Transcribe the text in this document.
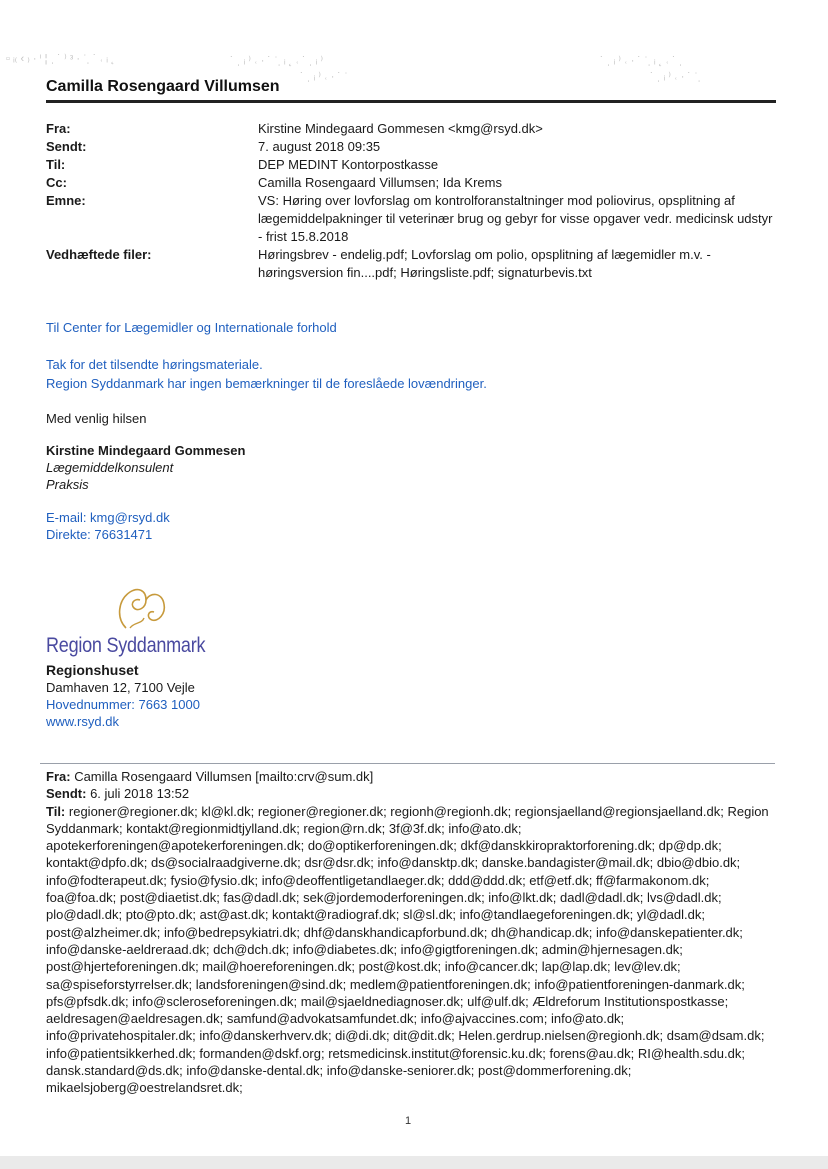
▫ ᵢ₍ ‹ ₎ · ⁱ ¦ ˌ ˙ ⁾ ᵌ · ͘ ˌ ˙ ˓ ᵢ ˛	˙ ˌ ᵢ ⁾ ˓ · ˙ ͘ ˌ ᵢ ˛ ˓ ˙ ˌ ᵢ ⁾	˙ ˌ ᵢ ⁾ ˓ · ˙ ͘ ˌ ᵢ ˛ ˓ ˙ ˌ
˙ ˌ ᵢ ⁾ ˓ · ˙ ͘	˙ ˌ ᵢ ⁾ ˓ · ˙ ͘ ˌ
Camilla Rosengaard Villumsen
Fra:	Kirstine Mindegaard Gommesen <kmg@rsyd.dk>
Sendt:	7. august 2018 09:35
Til:	DEP MEDINT Kontorpostkasse
Cc:	Camilla Rosengaard Villumsen; Ida Krems
Emne:	VS: Høring over lovforslag om kontrolforanstaltninger mod poliovirus, opsplitning af lægemiddelpakninger til veterinær brug og gebyr for visse opgaver vedr. medicinsk udstyr - frist 15.8.2018
Vedhæftede filer:	Høringsbrev - endelig.pdf; Lovforslag om polio, opsplitning af lægemidler m.v. - høringsversion fin....pdf; Høringsliste.pdf; signaturbevis.txt
Til Center for Lægemidler og Internationale forhold
Tak for det tilsendte høringsmateriale.
Region Syddanmark har ingen bemærkninger til de foreslåede lovændringer.
Med venlig hilsen
Kirstine Mindegaard Gommesen
Lægemiddelkonsulent
Praksis
E-mail: kmg@rsyd.dk
Direkte: 76631471
Region Syddanmark
Regionshuset
Damhaven 12, 7100 Vejle
Hovednummer: 7663 1000
www.rsyd.dk
Fra: Camilla Rosengaard Villumsen [mailto:crv@sum.dk]
Sendt: 6. juli 2018 13:52
Til: regioner@regioner.dk; kl@kl.dk; regioner@regioner.dk; regionh@regionh.dk; regionsjaelland@regionsjaelland.dk; Region Syddanmark; kontakt@regionmidtjylland.dk; region@rn.dk; 3f@3f.dk; info@ato.dk; apotekerforeningen@apotekerforeningen.dk; do@optikerforeningen.dk; dkf@danskkiropraktorforening.dk; dp@dp.dk; kontakt@dpfo.dk; ds@socialraadgiverne.dk; dsr@dsr.dk; info@dansktp.dk; danske.bandagister@mail.dk; dbio@dbio.dk; info@fodterapeut.dk; fysio@fysio.dk; info@deoffentligetandlaeger.dk; ddd@ddd.dk; etf@etf.dk; ff@farmakonom.dk; foa@foa.dk; post@diaetist.dk; fas@dadl.dk; sek@jordemoderforeningen.dk; info@lkt.dk; dadl@dadl.dk; lvs@dadl.dk; plo@dadl.dk; pto@pto.dk; ast@ast.dk; kontakt@radiograf.dk; sl@sl.dk; info@tandlaegeforeningen.dk; yl@dadl.dk; post@alzheimer.dk; info@bedrepsykiatri.dk; dhf@danskhandicapforbund.dk; dh@handicap.dk; info@danskepatienter.dk; info@danske-aeldreraad.dk; dch@dch.dk; info@diabetes.dk; info@gigtforeningen.dk; admin@hjernesagen.dk; post@hjerteforeningen.dk; mail@hoereforeningen.dk; post@kost.dk; info@cancer.dk; lap@lap.dk; lev@lev.dk; sa@spiseforstyrrelser.dk; landsforeningen@sind.dk; medlem@patientforeningen.dk; info@patientforeningen-danmark.dk; pfs@pfsdk.dk; info@scleroseforeningen.dk; mail@sjaeldnediagnoser.dk; ulf@ulf.dk; Ældreforum Institutionspostkasse; aeldresagen@aeldresagen.dk; samfund@advokatsamfundet.dk; info@ajvaccines.com; info@ato.dk; info@privatehospitaler.dk; info@danskerhverv.dk; di@di.dk; dit@dit.dk; Helen.gerdrup.nielsen@regionh.dk; dsam@dsam.dk; info@patientsikkerhed.dk; formanden@dskf.org; retsmedicinsk.institut@forensic.ku.dk; forens@au.dk; RI@health.sdu.dk; dansk.standard@ds.dk; info@danske-dental.dk; info@danske-seniorer.dk; post@dommerforening.dk; mikaelsjoberg@oestrelandsret.dk;
1
